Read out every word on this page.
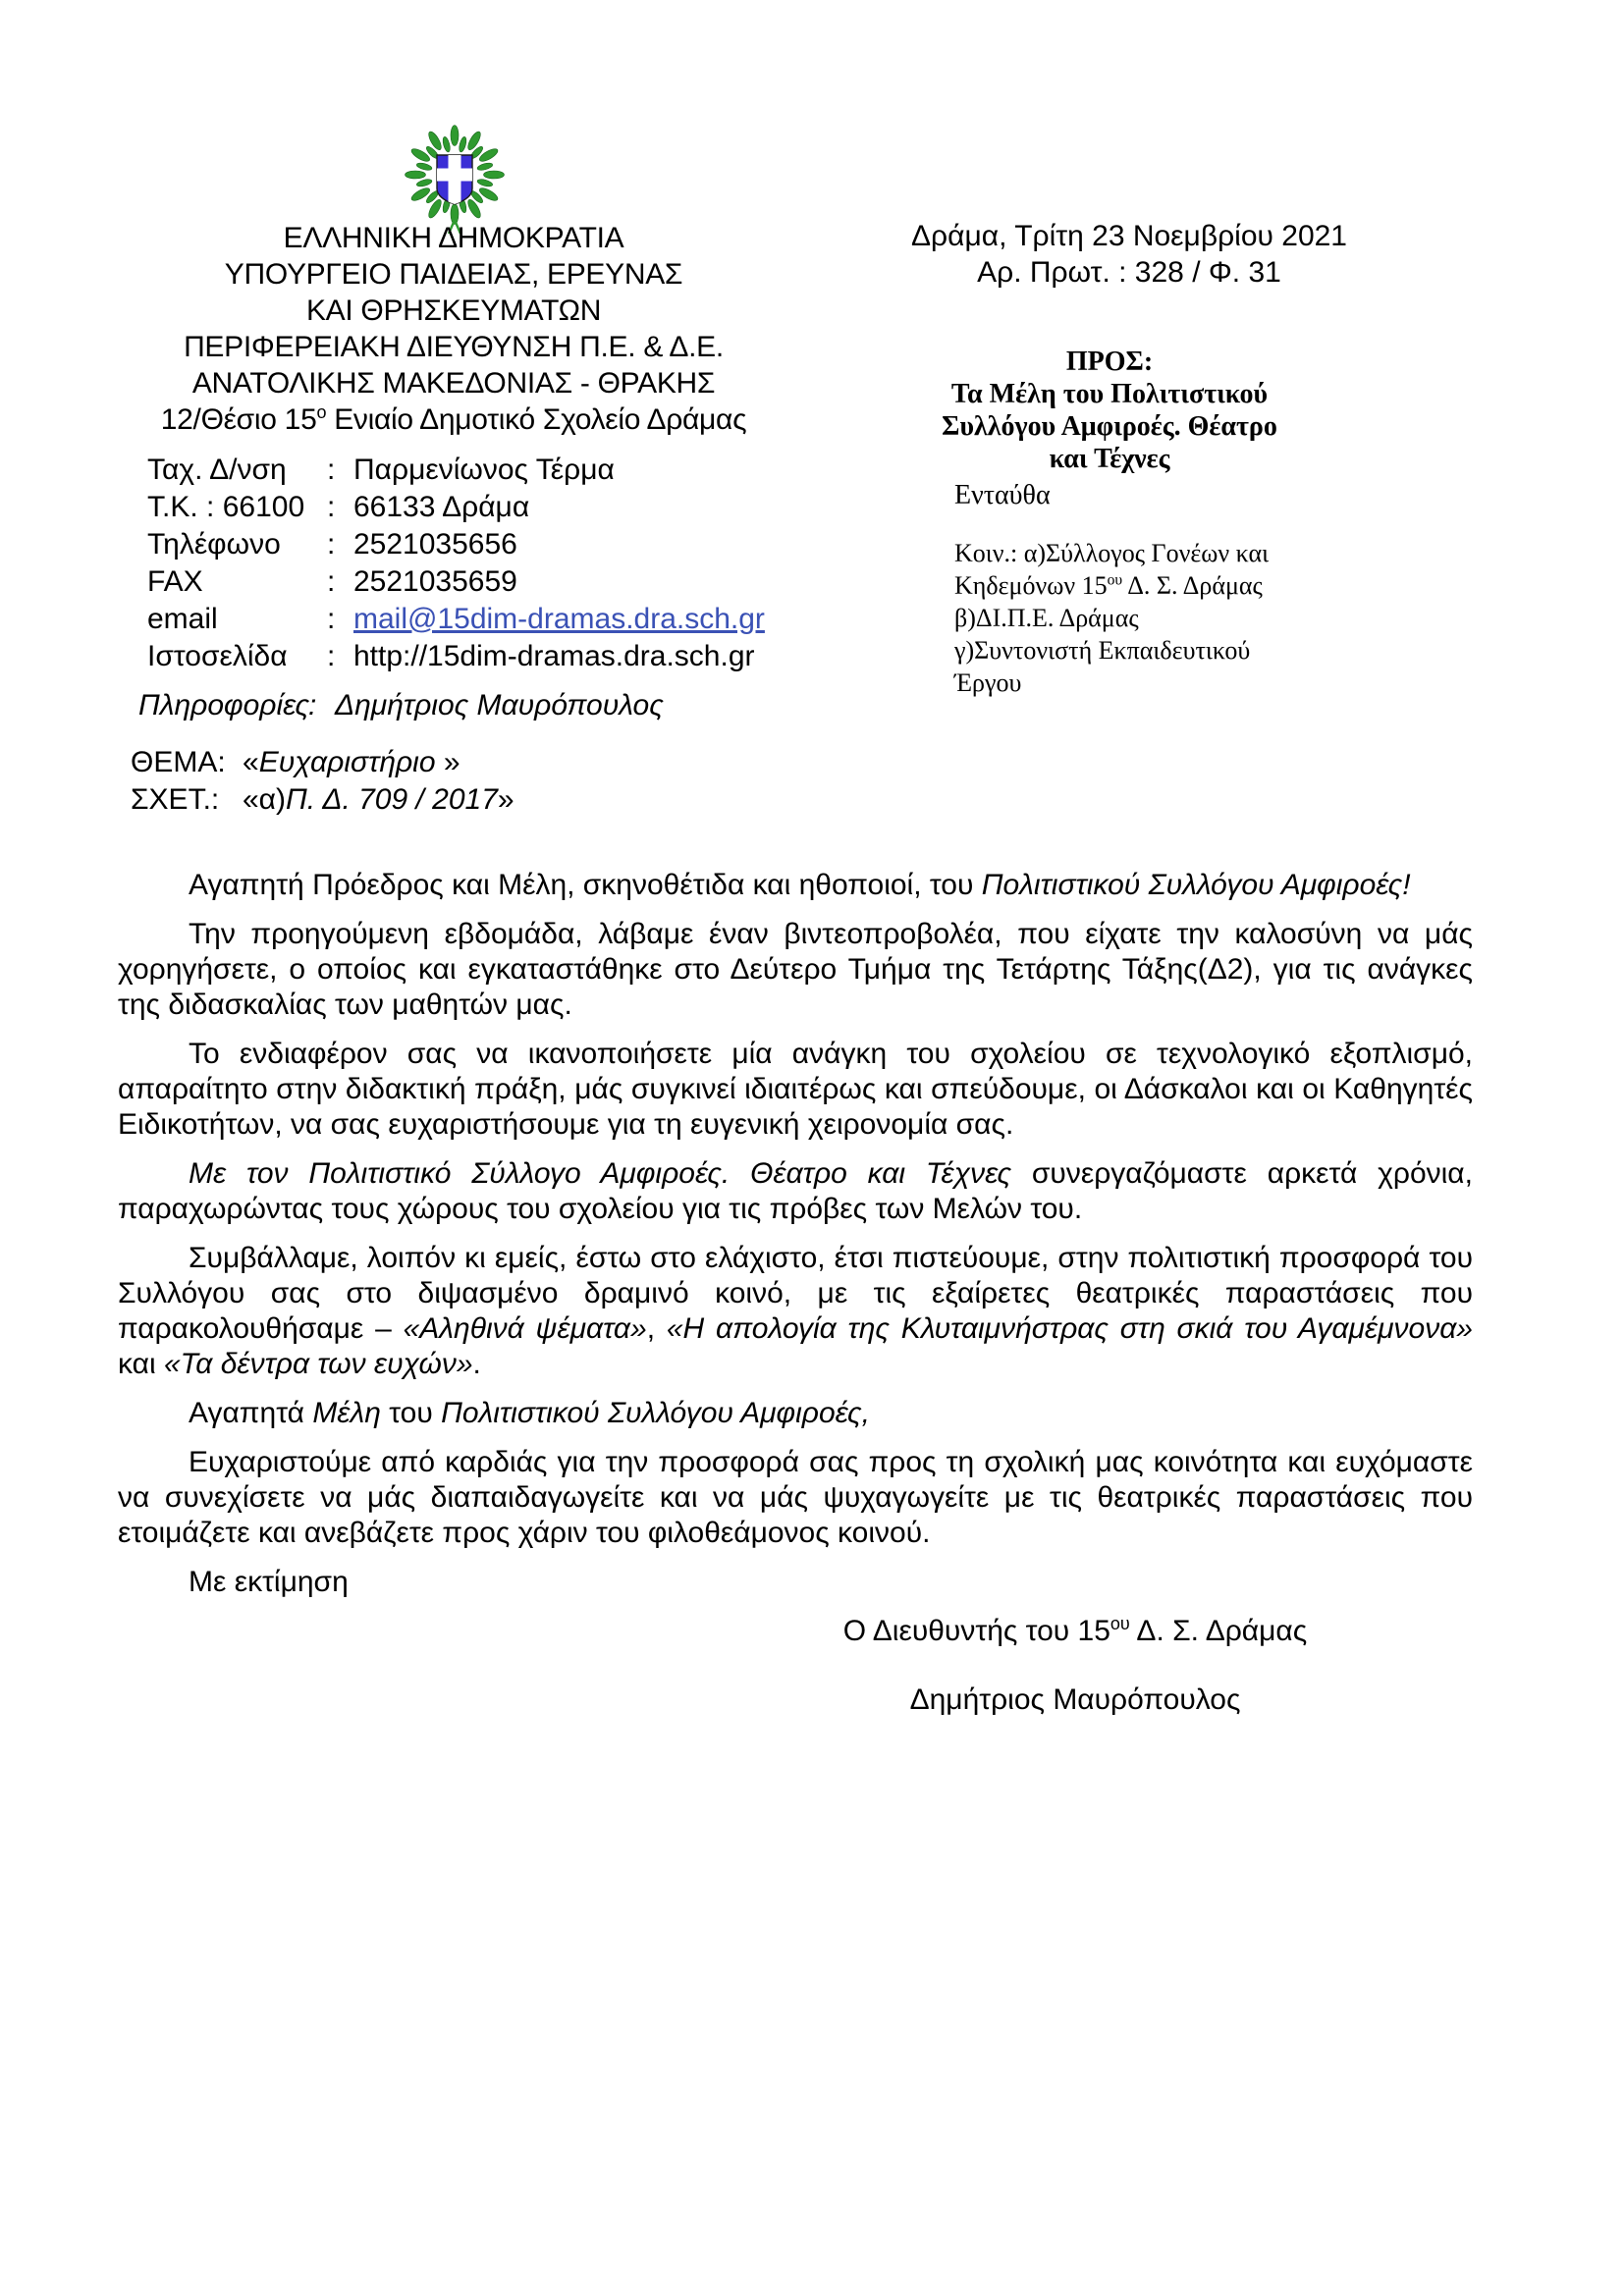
ΕΛΛΗΝΙΚΗ ΔΗΜΟΚΡΑΤΙΑ
ΥΠΟΥΡΓΕΙΟ ΠΑΙΔΕΙΑΣ, ΕΡΕΥΝΑΣ
ΚΑΙ ΘΡΗΣΚΕΥΜΑΤΩΝ
ΠΕΡΙΦΕΡΕΙΑΚΗ ΔΙΕΥΘΥΝΣΗ Π.Ε. & Δ.Ε.
ΑΝΑΤΟΛΙΚΗΣ ΜΑΚΕΔΟΝΙΑΣ - ΘΡΑΚΗΣ
12/Θέσιο $15^o$ Ενιαίο Δημοτικό Σχολείο Δράμας
Δράμα, Τρίτη 23 Νοεμβρίου 2021
Αρ. Πρωτ. : 328 / Φ. 31
ΠΡΟΣ:
Τα Μέλη του Πολιτιστικού
Συλλόγου Αμφιροές. Θέατρο
και Τέχνες
Ενταύθα
Κοιν.: α)Σύλλογος Γονέων και
Κηδεμόνων $15^{o\upsilon}$ Δ. Σ. Δράμας
β)ΔΙ.Π.Ε. Δράμας
γ)Συντονιστή Εκπαιδευτικού
Έργου
Ταχ. Δ/νση : Παρμενίωνος Τέρμα
Τ.Κ. : 66100 : 66133 Δράμα
Τηλέφωνο : 2521035656
FAX	: 2521035659
email	: mail@15dim-dramas.dra.sch.gr
Ιστοσελίδα : http://15dim-dramas.dra.sch.gr
Πληροφορίες: Δημήτριος Μαυρόπουλος
ΘΕΜΑ: «Ευχαριστήριο »
ΣΧΕΤ.: «α)Π. Δ. 709 / 2017»

Αγαπητή Πρόεδρος και Μέλη, σκηνοθέτιδα και ηθοποιοί, του Πολιτιστικού Συλλόγου Αμφιροές!

Την προηγούμενη εβδομάδα, λάβαμε έναν βιντεοπροβολέα, που είχατε την καλοσύνη να μάς χορηγήσετε, ο οποίος και εγκαταστάθηκε στο Δεύτερο Τμήμα της Τετάρτης Τάξης(Δ2), για τις ανάγκες της διδασκαλίας των μαθητών μας.

Το ενδιαφέρον σας να ικανοποιήσετε μία ανάγκη του σχολείου σε τεχνολογικό εξοπλισμό, απαραίτητο στην διδακτική πράξη, μάς συγκινεί ιδιαιτέρως και σπεύδουμε, οι Δάσκαλοι και οι Καθηγητές Ειδικοτήτων, να σας ευχαριστήσουμε για τη ευγενική χειρονομία σας.

Με τον Πολιτιστικό Σύλλογο Αμφιροές. Θέατρο και Τέχνες συνεργαζόμαστε αρκετά χρόνια, παραχωρώντας τους χώρους του σχολείου για τις πρόβες των Μελών του.

Συμβάλλαμε, λοιπόν κι εμείς, έστω στο ελάχιστο, έτσι πιστεύουμε, στην πολιτιστική προσφορά του Συλλόγου σας στο διψασμένο δραμινό κοινό, με τις εξαίρετες θεατρικές παραστάσεις που παρακολουθήσαμε – «Αληθινά ψέματα», «Η απολογία της Κλυταιμνήστρας στη σκιά του Αγαμέμνονα» και «Τα δέντρα των ευχών».

Αγαπητά Μέλη του Πολιτιστικού Συλλόγου Αμφιροές,

Ευχαριστούμε από καρδιάς για την προσφορά σας προς τη σχολική μας κοινότητα και ευχόμαστε να συνεχίσετε να μάς διαπαιδαγωγείτε και να μάς ψυχαγωγείτε με τις θεατρικές παραστάσεις που ετοιμάζετε και ανεβάζετε προς χάριν του φιλοθεάμονος κοινού.

Με εκτίμηση

Ο Διευθυντής του $15^{o\upsilon}$ Δ. Σ. Δράμας
Δημήτριος Μαυρόπουλος
